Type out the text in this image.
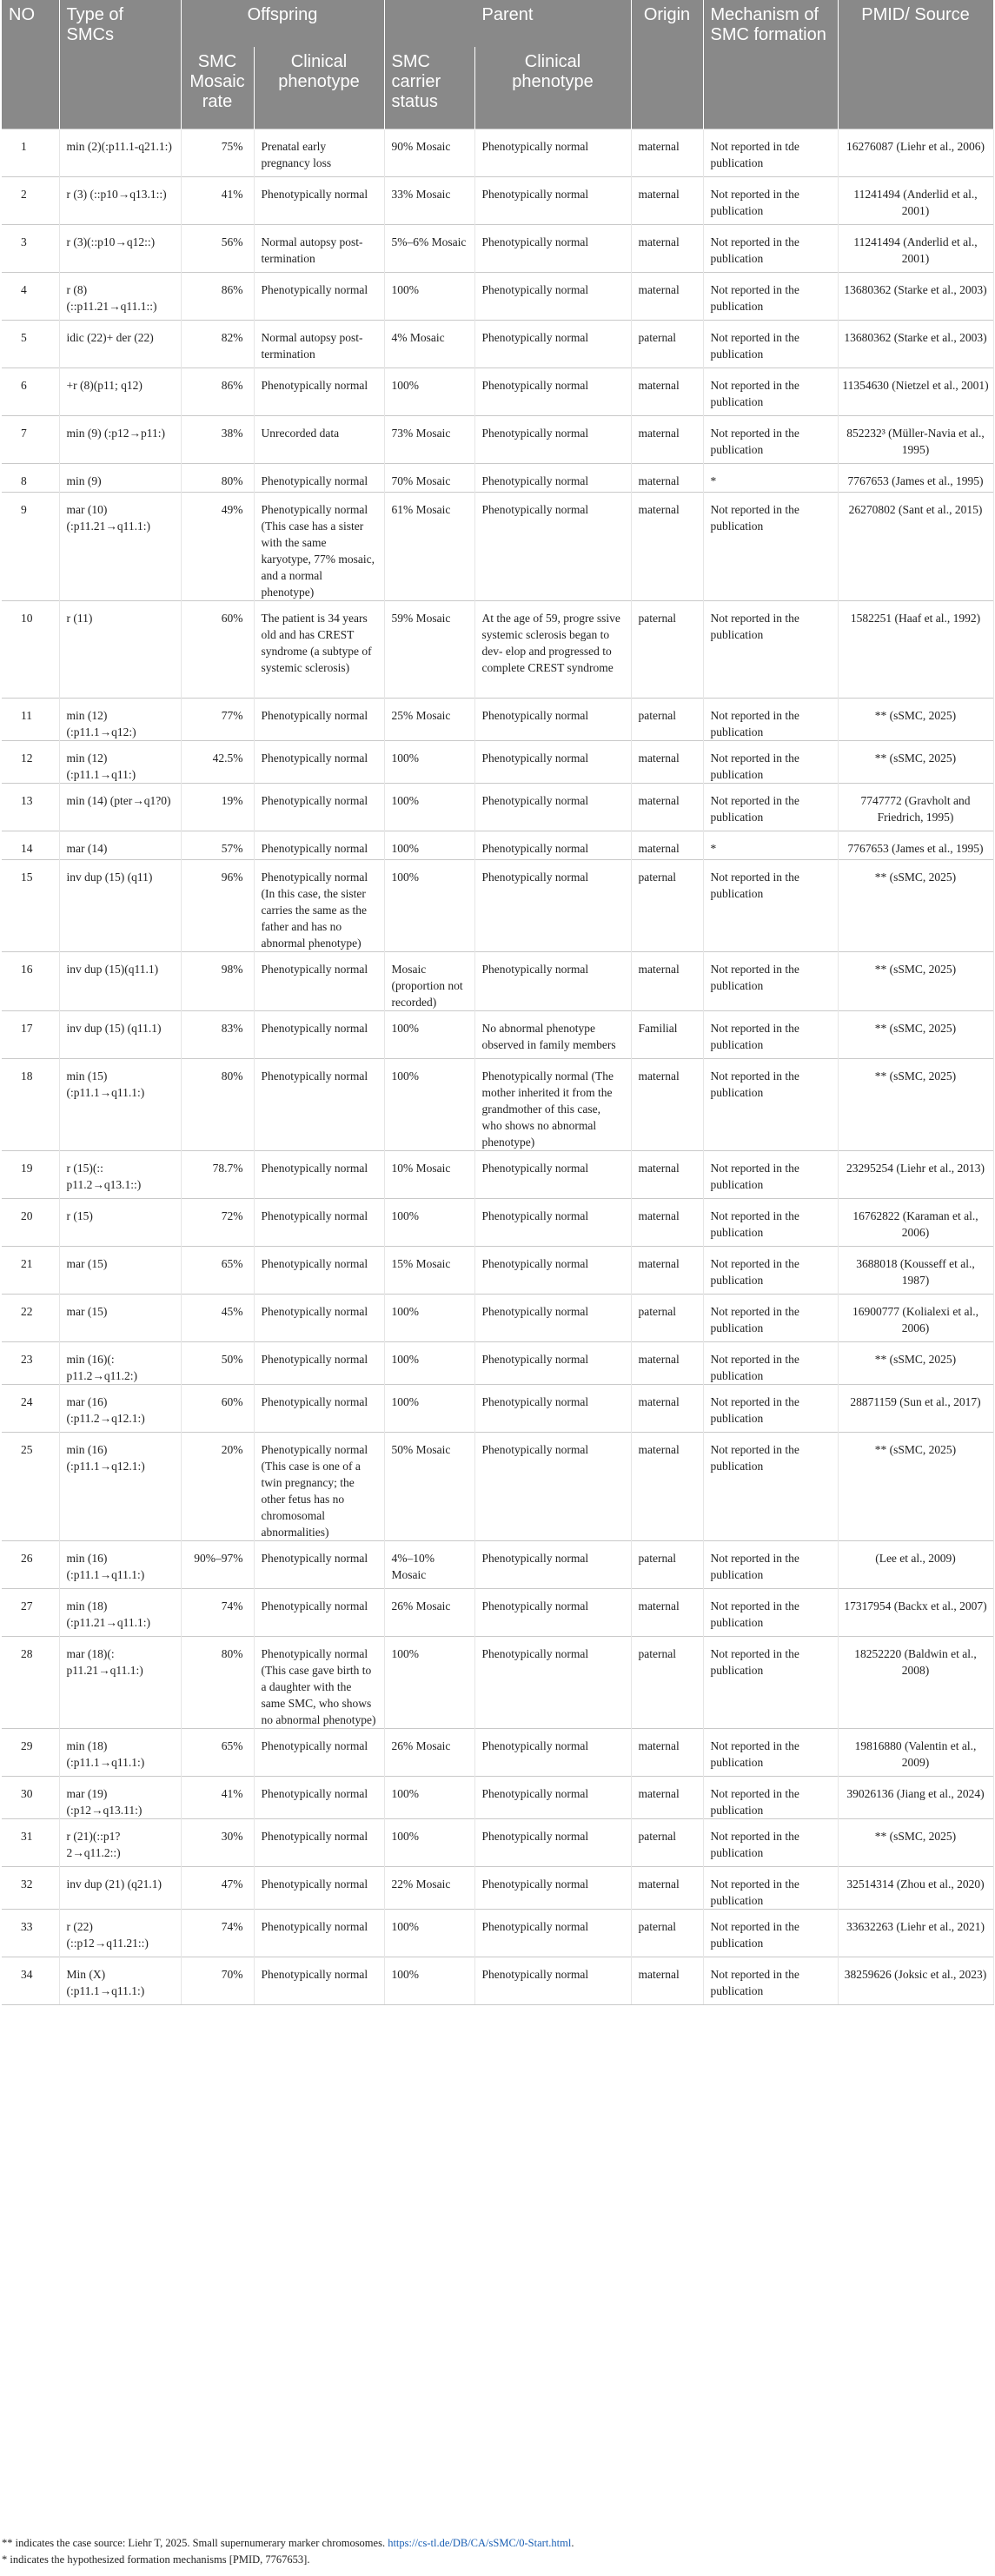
NO	Type of SMCs	Offspring		Parent		Origin	Mechanism of SMC formation	PMID/ Source
		SMC Mosaic rate	Clinical phenotype	SMC carrier status	Clinical phenotype			
1	min (2)(:p11.1-q21.1:)	75%	Prenatal early pregnancy loss	90% Mosaic	Phenotypically normal	maternal	Not reported in tde publication	16276087 (Liehr et al., 2006)
2	r (3) (::p10→q13.1::)	41%	Phenotypically normal	33% Mosaic	Phenotypically normal	maternal	Not reported in the publication	11241494 (Anderlid et al., 2001)
3	r (3)(::p10→q12::)	56%	Normal autopsy post-termination	5%–6% Mosaic	Phenotypically normal	maternal	Not reported in the publication	11241494 (Anderlid et al., 2001)
4	r (8) (::p11.21→q11.1::)	86%	Phenotypically normal	100%	Phenotypically normal	maternal	Not reported in the publication	13680362 (Starke et al., 2003)
5	idic (22)+ der (22)	82%	Normal autopsy post-termination	4% Mosaic	Phenotypically normal	paternal	Not reported in the publication	13680362 (Starke et al., 2003)
6	+r (8)(p11; q12)	86%	Phenotypically normal	100%	Phenotypically normal	maternal	Not reported in the publication	11354630 (Nietzel et al., 2001)
7	min (9) (:p12→p11:)	38%	Unrecorded data	73% Mosaic	Phenotypically normal	maternal	Not reported in the publication	852232³ (Müller-Navia et al., 1995)
8	min (9)	80%	Phenotypically normal	70% Mosaic	Phenotypically normal	maternal	*	7767653 (James et al., 1995)
9	mar (10) (:p11.21→q11.1:)	49%	Phenotypically normal (This case has a sister with the same karyotype, 77% mosaic, and a normal phenotype)	61% Mosaic	Phenotypically normal	maternal	Not reported in the publication	26270802 (Sant et al., 2015)
10	r (11)	60%	The patient is 34 years old and has CREST syndrome (a subtype of systemic sclerosis)	59% Mosaic	At the age of 59, progre ssive systemic sclerosis began to dev- elop and progressed to complete CREST syndrome	paternal	Not reported in the publication	1582251 (Haaf et al., 1992)
11	min (12) (:p11.1→q12:)	77%	Phenotypically normal	25% Mosaic	Phenotypically normal	paternal	Not reported in the publication	** (sSMC, 2025)
12	min (12) (:p11.1→q11:)	42.5%	Phenotypically normal	100%	Phenotypically normal	maternal	Not reported in the publication	** (sSMC, 2025)
13	min (14) (pter→q1?0)	19%	Phenotypically normal	100%	Phenotypically normal	maternal	Not reported in the publication	7747772 (Gravholt and Friedrich, 1995)
14	mar (14)	57%	Phenotypically normal	100%	Phenotypically normal	maternal	*	7767653 (James et al., 1995)
15	inv dup (15) (q11)	96%	Phenotypically normal (In this case, the sister carries the same as the father and has no abnormal phenotype)	100%	Phenotypically normal	paternal	Not reported in the publication	** (sSMC, 2025)
16	inv dup (15)(q11.1)	98%	Phenotypically normal	Mosaic (proportion not recorded)	Phenotypically normal	maternal	Not reported in the publication	** (sSMC, 2025)
17	inv dup (15) (q11.1)	83%	Phenotypically normal	100%	No abnormal phenotype observed in family members	Familial	Not reported in the publication	** (sSMC, 2025)
18	min (15) (:p11.1→q11.1:)	80%	Phenotypically normal	100%	Phenotypically normal (The mother inherited it from the grandmother of this case, who shows no abnormal phenotype)	maternal	Not reported in the publication	** (sSMC, 2025)
19	r (15)(:: p11.2→q13.1::)	78.7%	Phenotypically normal	10% Mosaic	Phenotypically normal	maternal	Not reported in the publication	23295254 (Liehr et al., 2013)
20	r (15)	72%	Phenotypically normal	100%	Phenotypically normal	maternal	Not reported in the publication	16762822 (Karaman et al., 2006)
21	mar (15)	65%	Phenotypically normal	15% Mosaic	Phenotypically normal	maternal	Not reported in the publication	3688018 (Kousseff et al., 1987)
22	mar (15)	45%	Phenotypically normal	100%	Phenotypically normal	paternal	Not reported in the publication	16900777 (Kolialexi et al., 2006)
23	min (16)(: p11.2→q11.2:)	50%	Phenotypically normal	100%	Phenotypically normal	maternal	Not reported in the publication	** (sSMC, 2025)
24	mar (16) (:p11.2→q12.1:)	60%	Phenotypically normal	100%	Phenotypically normal	maternal	Not reported in the publication	28871159 (Sun et al., 2017)
25	min (16) (:p11.1→q12.1:)	20%	Phenotypically normal (This case is one of a twin pregnancy; the other fetus has no chromosomal abnormalities)	50% Mosaic	Phenotypically normal	maternal	Not reported in the publication	** (sSMC, 2025)
26	min (16) (:p11.1→q11.1:)	90%–97%	Phenotypically normal	4%–10% Mosaic	Phenotypically normal	paternal	Not reported in the publication	(Lee et al., 2009)
27	min (18) (:p11.21→q11.1:)	74%	Phenotypically normal	26% Mosaic	Phenotypically normal	maternal	Not reported in the publication	17317954 (Backx et al., 2007)
28	mar (18)(: p11.21→q11.1:)	80%	Phenotypically normal (This case gave birth to a daughter with the same SMC, who shows no abnormal phenotype)	100%	Phenotypically normal	paternal	Not reported in the publication	18252220 (Baldwin et al., 2008)
29	min (18) (:p11.1→q11.1:)	65%	Phenotypically normal	26% Mosaic	Phenotypically normal	maternal	Not reported in the publication	19816880 (Valentin et al., 2009)
30	mar (19) (:p12→q13.11:)	41%	Phenotypically normal	100%	Phenotypically normal	maternal	Not reported in the publication	39026136 (Jiang et al., 2024)
31	r (21)(::p1? 2→q11.2::)	30%	Phenotypically normal	100%	Phenotypically normal	paternal	Not reported in the publication	** (sSMC, 2025)
32	inv dup (21) (q21.1)	47%	Phenotypically normal	22% Mosaic	Phenotypically normal	maternal	Not reported in the publication	32514314 (Zhou et al., 2020)
33	r (22) (::p12→q11.21::)	74%	Phenotypically normal	100%	Phenotypically normal	paternal	Not reported in the publication	33632263 (Liehr et al., 2021)
34	Min (X) (:p11.1→q11.1:)	70%	Phenotypically normal	100%	Phenotypically normal	maternal	Not reported in the publication	38259626 (Joksic et al., 2023)
** indicates the case source: Liehr T, 2025. Small supernumerary marker chromosomes. https://cs-tl.de/DB/CA/sSMC/0-Start.html.
* indicates the hypothesized formation mechanisms [PMID, 7767653].
